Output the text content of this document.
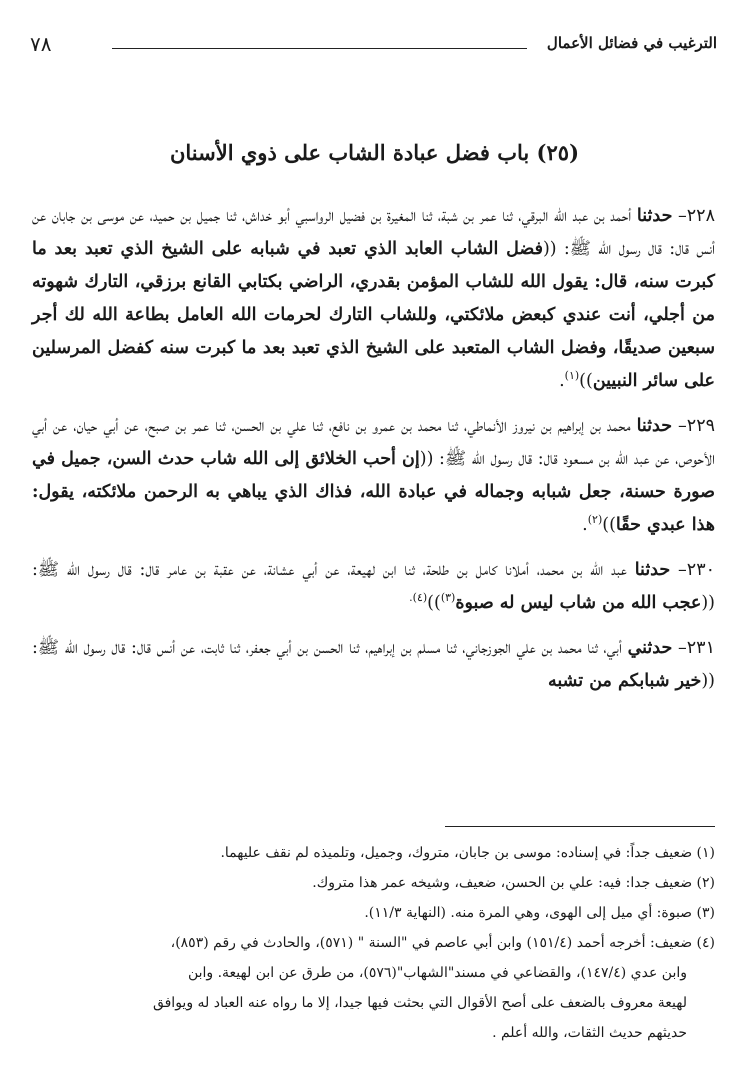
الترغيب في فضائل الأعمال
٧٨
(٢٥) باب فضل عبادة الشاب على ذوي الأسنان

٢٢٨– حدثنا أحمد بن عبد الله البرقي، ثنا عمر بن شبة، ثنا المغيرة بن فضيل الرواسبي أبو خداش، ثنا جميل بن حميد، عن موسى بن جابان عن أنس قال: قال رسول الله ﷺ: ((فضل الشاب العابد الذي تعبد في شبابه على الشيخ الذي تعبد بعد ما كبرت سنه، قال: يقول الله للشاب المؤمن بقدري، الراضي بكتابي القانع برزقي، التارك شهوته من أجلي، أنت عندي كبعض ملائكتي، وللشاب التارك لحرمات الله العامل بطاعة الله لك أجر سبعين صديقًا، وفضل الشاب المتعبد على الشيخ الذي تعبد بعد ما كبرت سنه كفضل المرسلين على سائر النبيين))$^{(١)}$.

٢٢٩– حدثنا محمد بن إبراهيم بن نيروز الأنماطي، ثنا محمد بن عمرو بن نافع، ثنا علي بن الحسن، ثنا عمر بن صبح، عن أبي حيان، عن أبي الأحوص، عن عبد الله بن مسعود قال: قال رسول الله ﷺ: ((إن أحب الخلائق إلى الله شاب حدث السن، جميل في صورة حسنة، جعل شبابه وجماله في عبادة الله، فذاك الذي يباهي به الرحمن ملائكته، يقول: هذا عبدي حقًا))$^{(٢)}$.

٢٣٠– حدثنا عبد الله بن محمد، أملانا كامل بن طلحة، ثنا ابن لهيعة، عن أبي عشانة، عن عقبة بن عامر قال: قال رسول الله ﷺ: ((عجب الله من شاب ليس له صبوة$^{(٣)}$))$^{(٤).}$

٢٣١– حدثني أبي، ثنا محمد بن علي الجوزجاني، ثنا مسلم بن إبراهيم، ثنا الحسن بن أبي جعفر، ثنا ثابت، عن أنس قال: قال رسول الله ﷺ: ((خير شبابكم من تشبه

(١) ضعيف جداً: في إسناده: موسى بن جابان، متروك، وجميل، وتلميذه لم نقف عليهما.

(٢) ضعيف جدا: فيه: علي بن الحسن، ضعيف، وشيخه عمر هذا متروك.

(٣) صبوة: أي ميل إلى الهوى، وهي المرة منه. (النهاية ١١/٣).

(٤) ضعيف: أخرجه أحمد (١٥١/٤) وابن أبي عاصم في "السنة " (٥٧١)، والحادث في رقم (٨٥٣)،

وابن عدي (١٤٧/٤)، والقضاعي في مسند"الشهاب"(٥٧٦)، من طرق عن ابن لهيعة. وابن

لهيعة معروف بالضعف على أصح الأقوال التي بحثت فيها جيدا، إلا ما رواه عنه العباد له ويوافق

حديثهم حديث الثقات، والله أعلم .
